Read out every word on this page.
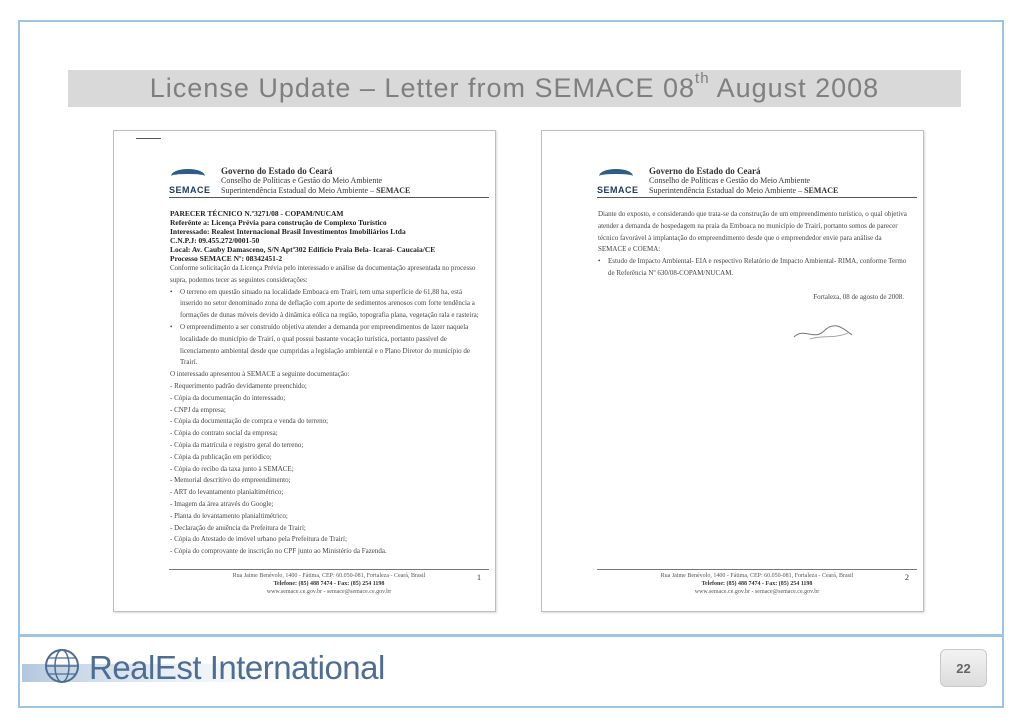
License Update – Letter from SEMACE 08th August 2008
SEMACE
Governo do Estado do Ceará
Conselho de Políticas e Gestão do Meio Ambiente
Superintendência Estadual do Meio Ambiente – SEMACE
PARECER TÉCNICO N.º3271/08 - COPAM/NUCAM
Referênte a: Licença Prévia para construção de Complexo Turístico
Interessado: Realest Internacional Brasil Investimentos Imobiliários Ltda
C.N.P.J: 09.455.272/0001-50
Local: Av. Cauby Damasceno, S/N Aptº302 Edifício Praia Bela- Icaraí- Caucaia/CE
Processo SEMACE Nº: 08342451-2
Conforme solicitação da Licença Prévia pelo interessado e análise da documentação apresentada no processo supra, podemos tecer as seguintes considerações:
• O terreno em questão situado na localidade Emboaca em Trairí, tem uma superfície de 61,88 ha, está inserido no setor denominado zona de deflação com aporte de sedimentos arenosos com forte tendência a formações de dunas móveis devido à dinâmica eólica na região, topografia plana, vegetação rala e rasteira;
• O empreendimento a ser construído objetiva atender a demanda por empreendimentos de lazer naquela localidade do município de Trairí, o qual possui bastante vocação turística, portanto passível de licenciamento ambiental desde que cumpridas a legislação ambiental e o Plano Diretor do município de Trairí.
O interessado apresentou à SEMACE a seguinte documentação:
- Requerimento padrão devidamente preenchido;
- Cópia da documentação do interessado;
- CNPJ da empresa;
- Cópia da documentação de compra e venda do terreno;
- Cópia do contrato social da empresa;
- Cópia da matrícula e registro geral do terreno;
- Cópia da publicação em periódico;
- Cópia do recibo da taxa junto à SEMACE;
- Memorial descritivo do empreendimento;
- ART do levantamento planialtimétrico;
- Imagem da área através do Google;
- Planta do levantamento planialtimétrico;
- Declaração de anuência da Prefeitura de Trairí;
- Cópia do Atestado de imóvel urbano pela Prefeitura de Trairí;
- Cópia do comprovante de inscrição no CPF junto ao Ministério da Fazenda.
Rua Jaime Benévolo, 1400 - Fátima, CEP: 60.050-081, Fortaleza - Ceará, Brasil
Telefone: (85) 488 7474 - Fax: (85) 254 1198
www.semace.ce.gov.br - semace@semace.ce.gov.br
1
SEMACE
Governo do Estado do Ceará
Conselho de Políticas e Gestão do Meio Ambiente
Superintendência Estadual do Meio Ambiente – SEMACE
Diante do exposto, e considerando que trata-se da construção de um empreendimento turístico, o qual objetiva atender a demanda de hospedagem na praia da Emboaca no município de Trairí, portanto somos de parecer técnico favorável à implantação do empreendimento desde que o empreendedor envie para análise da SEMACE e COEMA:
• Estudo de Impacto Ambiental- EIA e respectivo Relatório de Impacto Ambiental- RIMA, conforme Termo de Referência Nº 630/08-COPAM/NUCAM.
Fortaleza, 08 de agosto de 2008.
Rua Jaime Benévolo, 1400 - Fátima, CEP: 60.050-081, Fortaleza - Ceará, Brasil
Telefone: (85) 488 7474 - Fax: (85) 254 1198
www.semace.ce.gov.br - semace@semace.ce.gov.br
2
RealEst International	22
